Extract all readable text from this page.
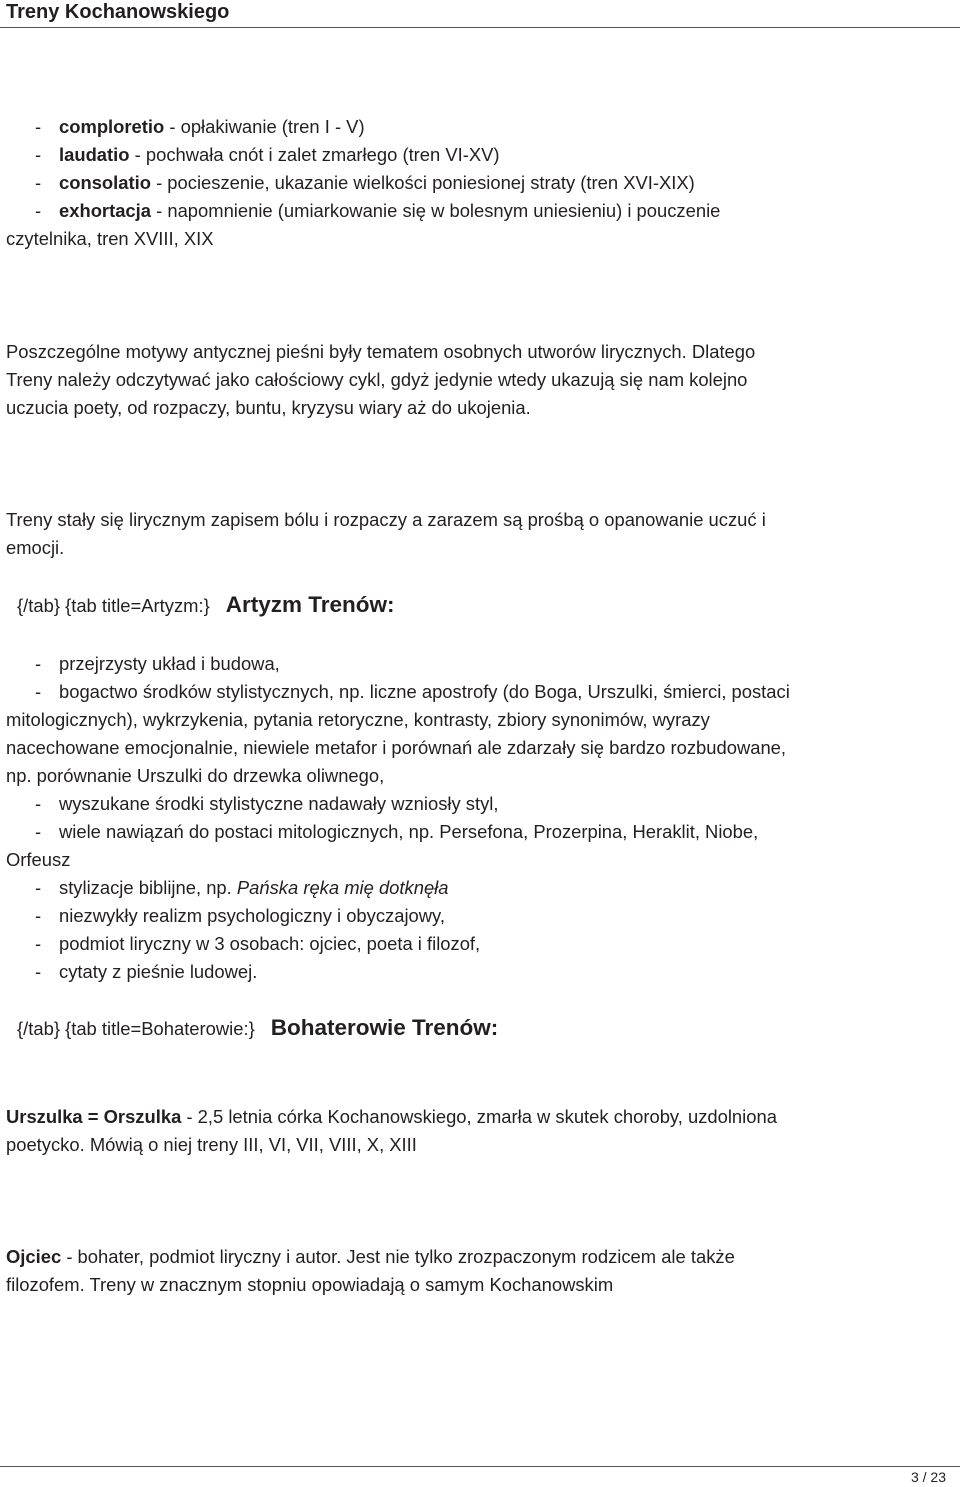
Treny Kochanowskiego
- comploretio - opłakiwanie (tren I - V)
- laudatio - pochwała cnót i zalet zmarłego (tren VI-XV)
- consolatio - pocieszenie, ukazanie wielkości poniesionej straty (tren XVI-XIX)
- exhortacja - napomnienie (umiarkowanie się w bolesnym uniesieniu) i pouczenie
czytelnika, tren XVIII, XIX
Poszczególne motywy antycznej pieśni były tematem osobnych utworów lirycznych. Dlatego
Treny należy odczytywać jako całościowy cykl, gdyż jedynie wtedy ukazują się nam kolejno
uczucia poety, od rozpaczy, buntu, kryzysu wiary aż do ukojenia.
Treny stały się lirycznym zapisem bólu i rozpaczy a zarazem są prośbą o opanowanie uczuć i
emocji.
{/tab} {tab title=Artyzm:} Artyzm Trenów:
- przejrzysty układ i budowa,
- bogactwo środków stylistycznych, np. liczne apostrofy (do Boga, Urszulki, śmierci, postaci
mitologicznych), wykrzykenia, pytania retoryczne, kontrasty, zbiory synonimów, wyrazy
nacechowane emocjonalnie, niewiele metafor i porównań ale zdarzały się bardzo rozbudowane,
np. porównanie Urszulki do drzewka oliwnego,
- wyszukane środki stylistyczne nadawały wzniosły styl,
- wiele nawiązań do postaci mitologicznych, np. Persefona, Prozerpina, Heraklit, Niobe,
Orfeusz
- stylizacje biblijne, np. Pańska ręka mię dotknęła
- niezwykły realizm psychologiczny i obyczajowy,
- podmiot liryczny w 3 osobach: ojciec, poeta i filozof,
- cytaty z pieśnie ludowej.
{/tab} {tab title=Bohaterowie:} Bohaterowie Trenów:
Urszulka = Orszulka - 2,5 letnia córka Kochanowskiego, zmarła w skutek choroby, uzdolniona
poetycko. Mówią o niej treny III, VI, VII, VIII, X, XIII
Ojciec - bohater, podmiot liryczny i autor. Jest nie tylko zrozpaczonym rodzicem ale także
filozofem. Treny w znacznym stopniu opowiadają o samym Kochanowskim
3 / 23
